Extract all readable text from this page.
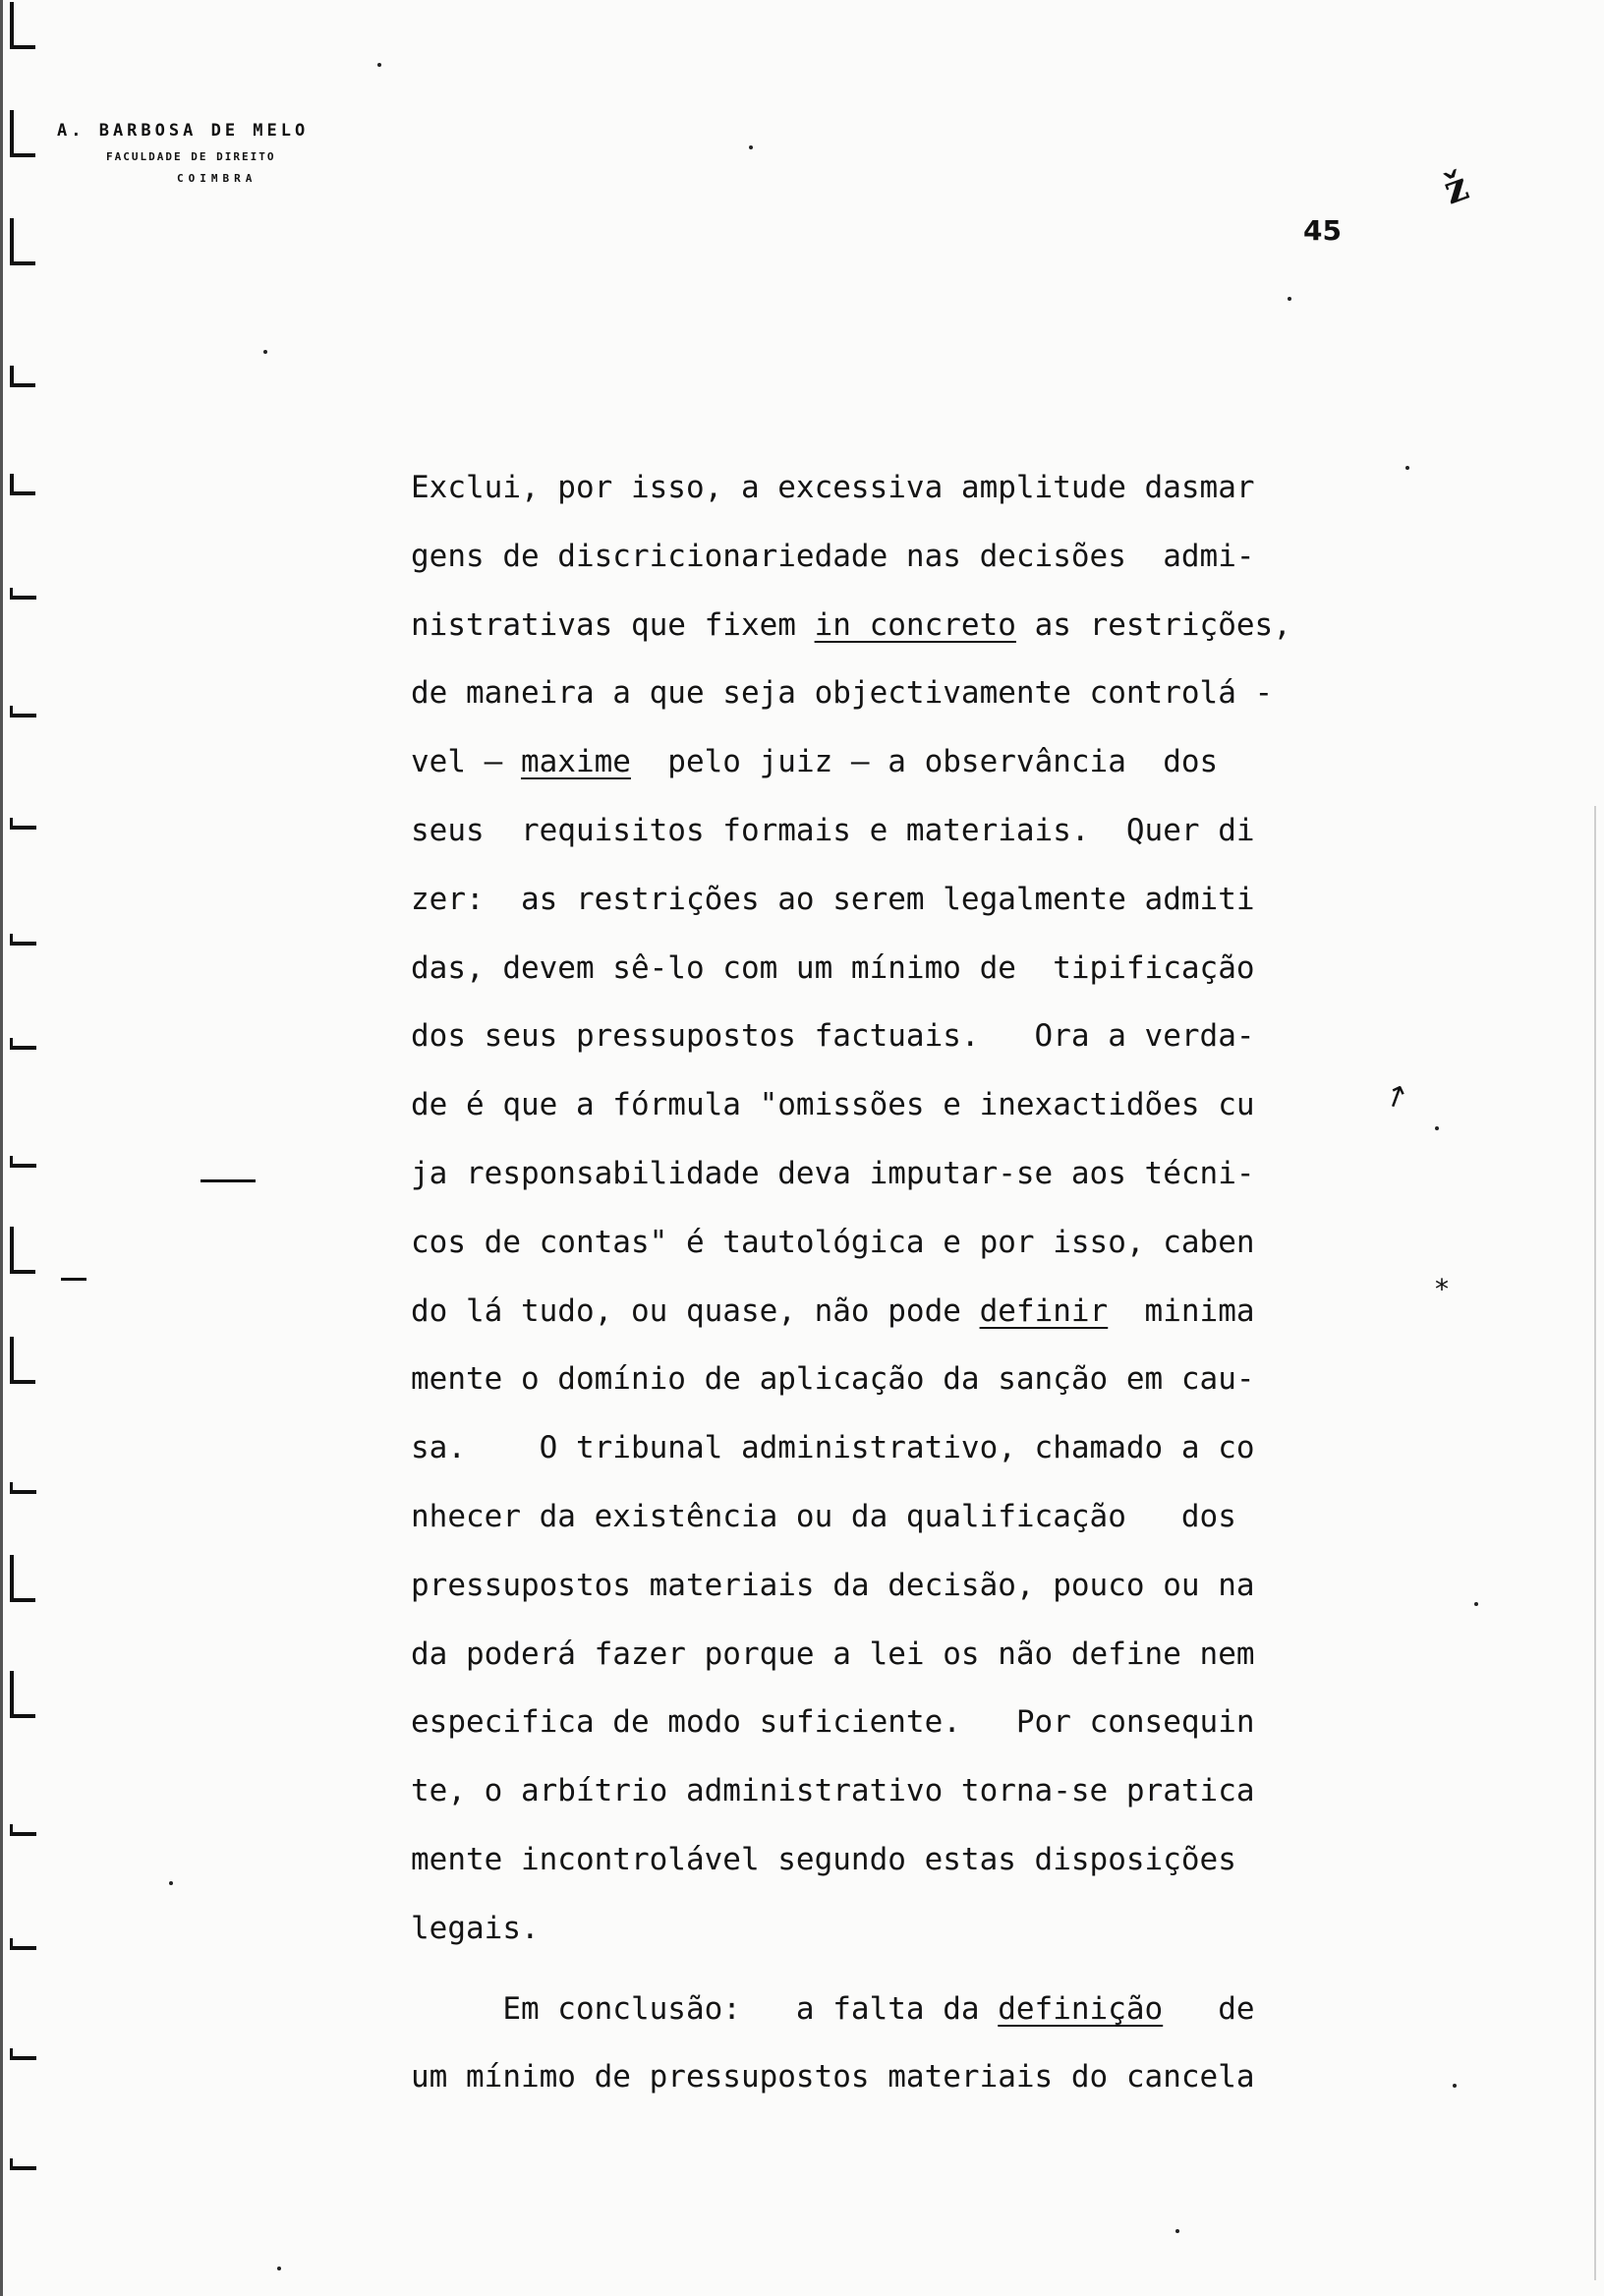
A. BARBOSA DE MELO
FACULDADE DE DIREITO
COIMBRA
45
ž
↗
⁎
Exclui, por isso, a excessiva amplitude dasmar
gens de discricionariedade nas decisões  admi-
nistrativas que fixem in concreto as restrições,
de maneira a que seja objectivamente controlá -
vel — maxime  pelo juiz — a observância  dos
seus  requisitos formais e materiais.  Quer di
zer:  as restrições ao serem legalmente admiti
das, devem sê-lo com um mínimo de  tipificação
dos seus pressupostos factuais.   Ora a verda-
de é que a fórmula "omissões e inexactidões cu
ja responsabilidade deva imputar-se aos técni-
cos de contas" é tautológica e por isso, caben
do lá tudo, ou quase, não pode definir  minima
mente o domínio de aplicação da sanção em cau-
sa.    O tribunal administrativo, chamado a co
nhecer da existência ou da qualificação   dos
pressupostos materiais da decisão, pouco ou na
da poderá fazer porque a lei os não define nem
especifica de modo suficiente.   Por consequin
te, o arbítrio administrativo torna-se pratica
mente incontrolável segundo estas disposições
legais.
Em conclusão:   a falta da definição   de
um mínimo de pressupostos materiais do cancela
